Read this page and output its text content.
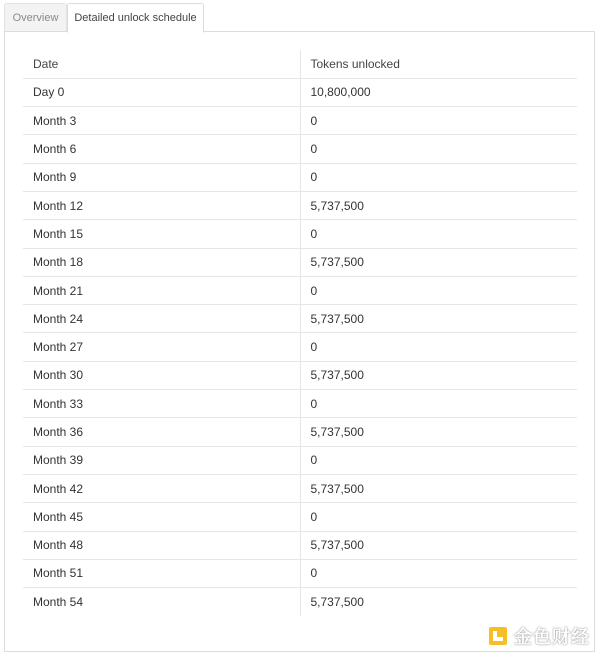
Overview	Detailed unlock schedule
Date	Tokens unlocked
Day 0	10,800,000
Month 3	0
Month 6	0
Month 9	0
Month 12	5,737,500
Month 15	0
Month 18	5,737,500
Month 21	0
Month 24	5,737,500
Month 27	0
Month 30	5,737,500
Month 33	0
Month 36	5,737,500
Month 39	0
Month 42	5,737,500
Month 45	0
Month 48	5,737,500
Month 51	0
Month 54	5,737,500
金色财经
